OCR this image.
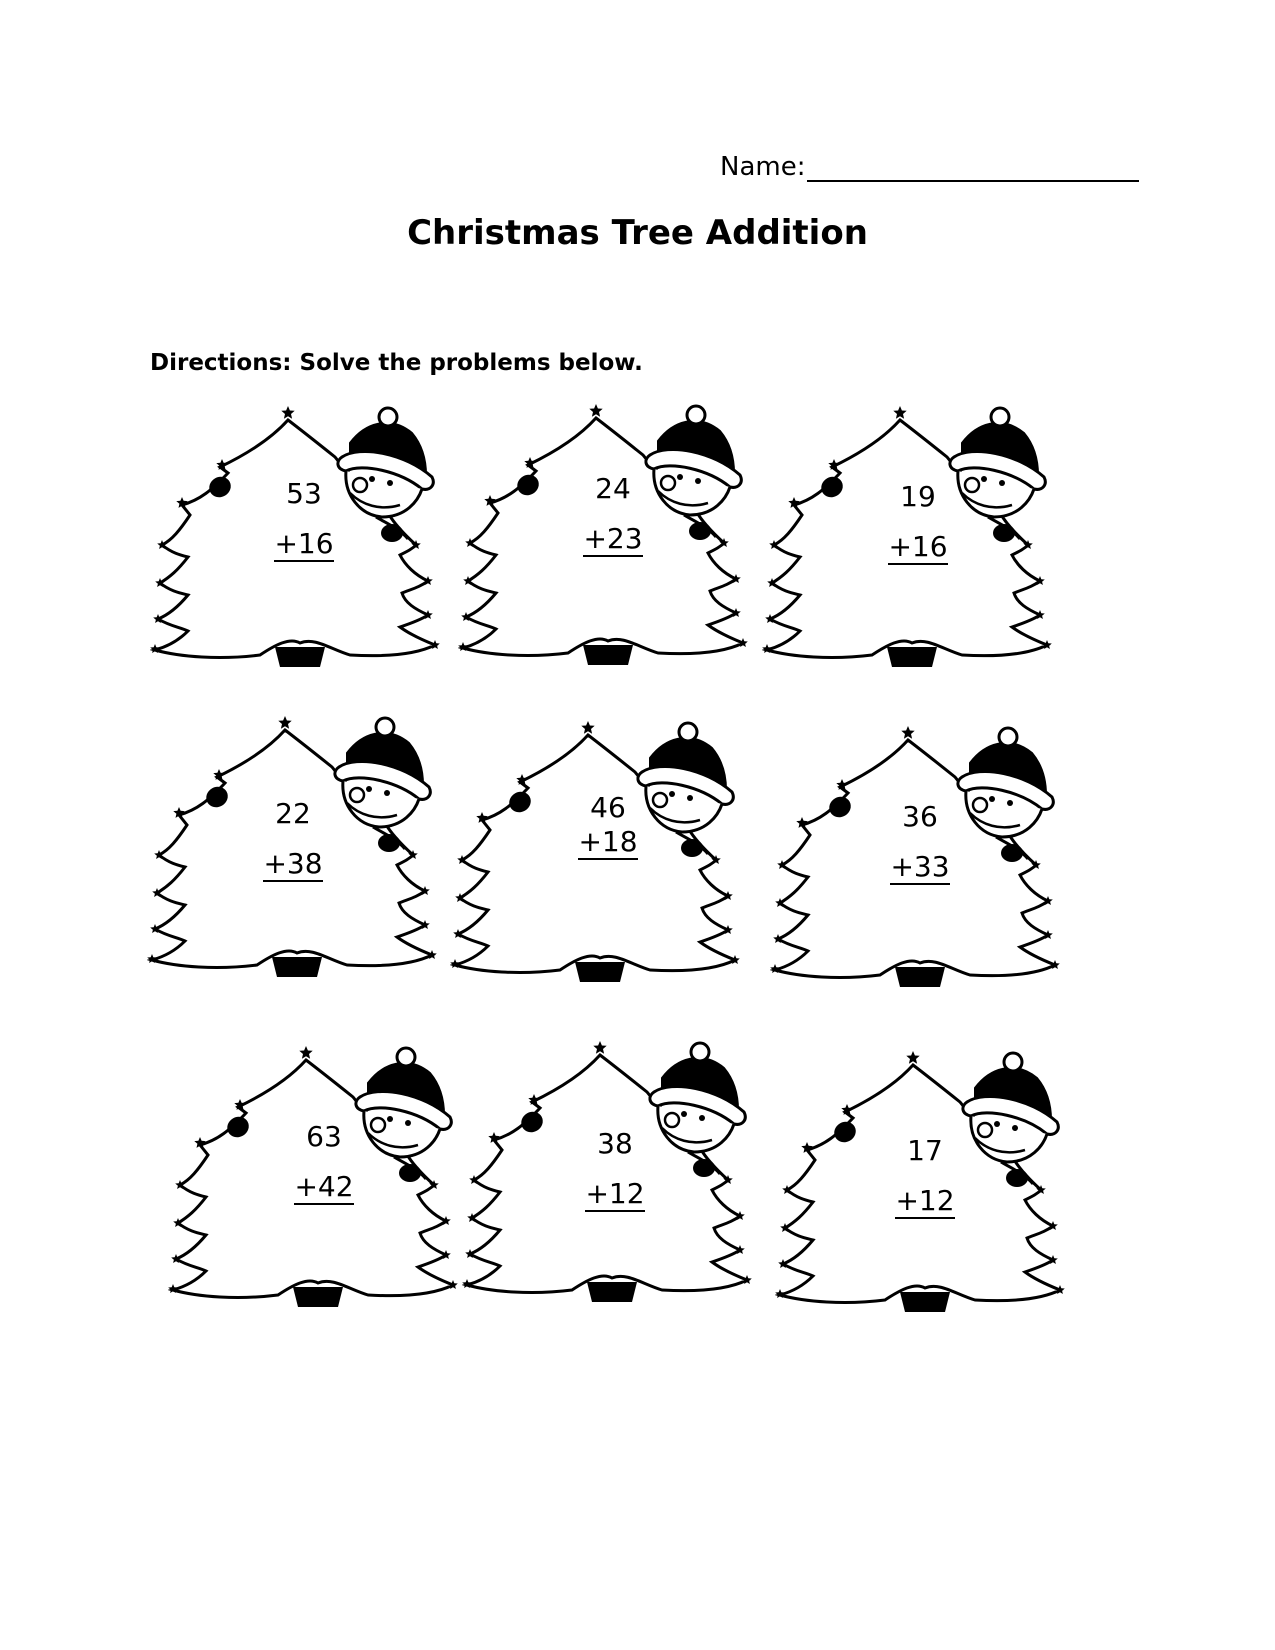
Name:
Christmas Tree Addition
Directions: Solve the problems below.
53
+16
24
+23
19
+16
22
+38
46
+18
36
+33
63
+42
38
+12
17
+12
